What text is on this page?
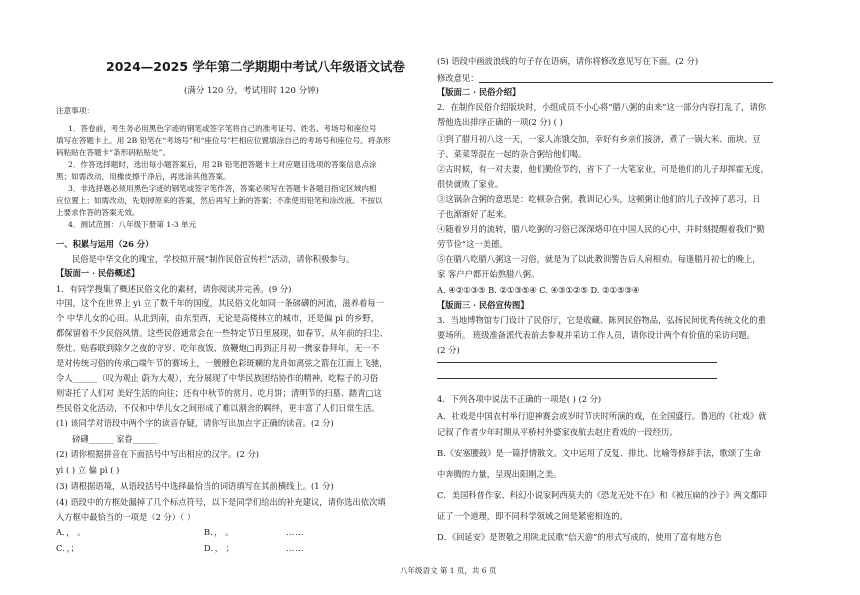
2024—2025 学年第二学期期中考试八年级语文试卷
(满分 120 分，考试用时 120 分钟)
注意事项：
1．答卷前，考生务必用黑色字迹的钢笔或签字笔将自己的准考证号、姓名、考场号和座位号
填写在答题卡上。用 2B 铅笔在“考场号”和“座位号”栏相应位置填涂自己的考场号和座位号。将条形
码粘贴在答题卡“条形码粘贴处”。
2．作答选择题时，选出每小题答案后，用 2B 铅笔把答题卡上对应题目选项的答案信息点涂
黑；如需改动，用橡皮擦干净后，再选涂其他答案。
3．非选择题必须用黑色字迹的钢笔或签字笔作答，答案必须写在答题卡各题目指定区域内相
应位置上；如需改动，先划掉原来的答案，然后再写上新的答案；不准使用铅笔和涂改液。不按以
上要求作答的答案无效。
4．测试范围：八年级下册第 1-3 单元
一、积累与运用（26 分）
民俗是中华文化的瑰宝，学校拟开展“制作民俗宣传栏”活动，请你积极参与。
【版面一 · 民俗概述】
1．有同学搜集了概述民俗文化的素材，请你阅读并完善。(9 分)
中国，这个在世界上 yì 立了数千年的国度，其民俗文化如同一条磅礴的河流，滋养着每一
个 中华儿女的心田。从北到南，由东至西，无论是高楼林立的城市，还是偏 pì 的乡野，
都保留着不少民俗风情。这些民俗通常会在一些特定节日里展现，如春节，从年前的扫尘、
祭灶、贴春联到除夕之夜的守岁、吃年夜饭、放鞭炮□再到正月初一携家眷拜年，无一不
是对传统习俗的传承□端午节的赛场上，一艘艘色彩斑斓的龙舟如离弦之箭在江面上飞驰，
令人______（叹为观止 蔚为大观），充分展现了中华民族团结协作的精神，吃粽子的习俗
则寄托了人们对 美好生活的向往；还有中秋节的赏月、吃月饼；清明节的扫墓、踏青□这
些民俗文化活动，不仅和中华儿女之间形成了难以割舍的羁绊，更丰富了人们日常生活。
(1) 该同学对语段中两个字的读音存疑，请你写出加点字正确的读音。(2 分)
磅礴______ 家眷______
(2) 请你根据拼音在下面括号中写出相应的汉字。(2 分)
yì ( ) 立 偏 pì ( )
(3) 请根据语境，从语段括号中选择最恰当的词语填写在其前横线上。(1 分)
(4) 语段中的方框处漏掉了几个标点符号，以下是同学们给出的补充建议，请你选出依次填
入方框中最恰当的一项是（2 分）（ ）
A．， 。	B．， 。	……
C．，；	D．， ；	……
(5) 语段中画波浪线的句子存在语病，请你将修改意见写在下面。(2 分)
修改意见：
【版面二 · 民俗介绍】
2．在制作民俗介绍版块时，小组成员不小心将“腊八粥的由来”这一部分内容打乱了，请你
帮他选出排序正确的一项(2 分) ( )
①到了腊月初八这一天，一家人冻饿交加，幸好有乡亲们接济，煮了一锅大米、面块、豆
子、菜菜等混在一起的杂合粥给他们喝。
②古时候，有一对夫妻，他们勤俭节约，省下了一大笔家业，可是他们的儿子却挥霍无度，
很快就败了家业。
③这锅杂合粥的意思是：吃顿杂合粥，教训记心头，这顿粥让他们的儿子改掉了恶习，日
子也渐渐好了起来。
④随着岁月的流转，腊八吃粥的习俗已深深烙印在中国人民的心中，并时刻提醒着我们“勤
劳节俭”这一美德。
⑤在腊八吃腊八粥这一习俗，就是为了以此教训警告后人肩相劝。每逢腊月初七的晚上，
家 客户户都开始熬腊八粥。
A. ④②①③⑤ B. ②①③⑤④ C. ④③①②⑤ D. ②①⑤③④
【版面三 · 民俗宣传图】
3．当地博物馆专门设计了民俗厅，它是收藏、陈列民俗物品，弘扬民间优秀传统文化的重
要场所。 班级准备派代表前去参观并采访工作人员，请你设计两个有价值的采访问题。
(2 分)
4．下列各项中说法不正确的一项是( ) (2 分)
A．社戏是中国农村举行迎神赛会或岁时节庆时所演的戏，在全国盛行。鲁迅的《社戏》就
记叙了作者少年时期从平桥村外婆家夜航去赵庄看戏的一段经历。
B.《安塞腰鼓》是一篇抒情散文。文中运用了反复、排比、比喻等修辞手法，歌颂了生命
中奔腾的力量，呈现出阳刚之美。
C．美国科普作家、科幻小说家阿西莫夫的《恐龙无处不在》和《被压扁的沙子》两文都印
证了一个道理，即不同科学领域之间是紧密相连的。
D．《回延安》是贺敬之用陕北民歌“信天游”的形式写成的，使用了富有地方色
八年级语文 第 1 页，共 6 页
